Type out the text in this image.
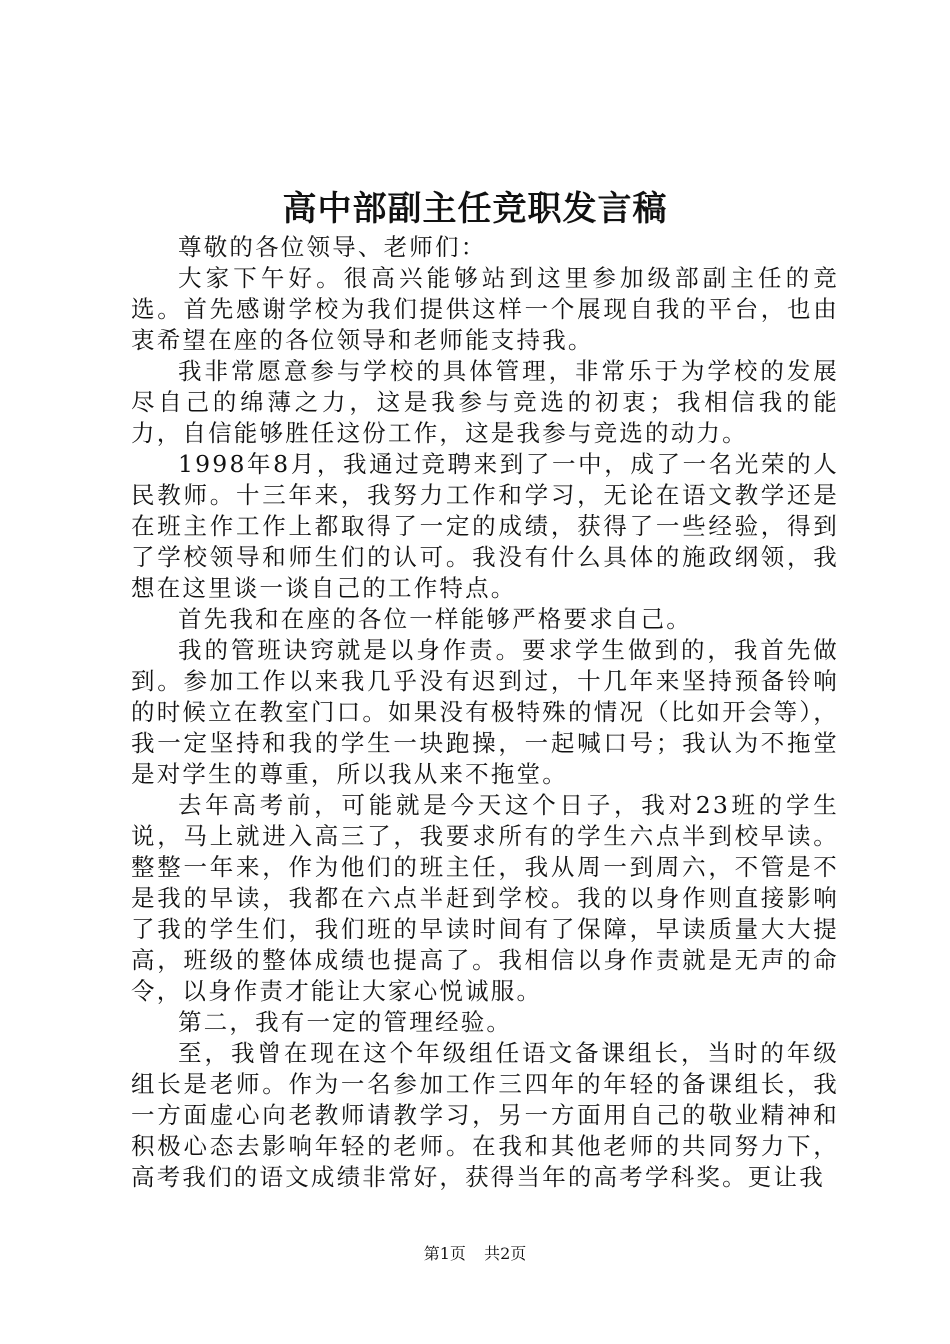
高中部副主任竞职发言稿

尊敬的各位领导、老师们：

大家下午好。很高兴能够站到这里参加级部副主任的竞选。首先感谢学校为我们提供这样一个展现自我的平台，也由衷希望在座的各位领导和老师能支持我。

我非常愿意参与学校的具体管理，非常乐于为学校的发展尽自己的绵薄之力，这是我参与竞选的初衷；我相信我的能力，自信能够胜任这份工作，这是我参与竞选的动力。

1998年8月，我通过竞聘来到了一中，成了一名光荣的人民教师。十三年来，我努力工作和学习，无论在语文教学还是在班主作工作上都取得了一定的成绩，获得了一些经验，得到了学校领导和师生们的认可。我没有什么具体的施政纲领，我想在这里谈一谈自己的工作特点。

首先我和在座的各位一样能够严格要求自己。

我的管班诀窍就是以身作责。要求学生做到的，我首先做到。参加工作以来我几乎没有迟到过，十几年来坚持预备铃响的时候立在教室门口。如果没有极特殊的情况（比如开会等），我一定坚持和我的学生一块跑操，一起喊口号；我认为不拖堂是对学生的尊重，所以我从来不拖堂。

去年高考前，可能就是今天这个日子，我对23班的学生说，马上就进入高三了，我要求所有的学生六点半到校早读。整整一年来，作为他们的班主任，我从周一到周六，不管是不是我的早读，我都在六点半赶到学校。我的以身作则直接影响了我的学生们，我们班的早读时间有了保障，早读质量大大提高，班级的整体成绩也提高了。我相信以身作责就是无声的命令，以身作责才能让大家心悦诚服。

第二，我有一定的管理经验。

至，我曾在现在这个年级组任语文备课组长，当时的年级组长是老师。作为一名参加工作三四年的年轻的备课组长，我一方面虚心向老教师请教学习，另一方面用自己的敬业精神和积极心态去影响年轻的老师。在我和其他老师的共同努力下，高考我们的语文成绩非常好，获得当年的高考学科奖。更让我

第1页 共2页
